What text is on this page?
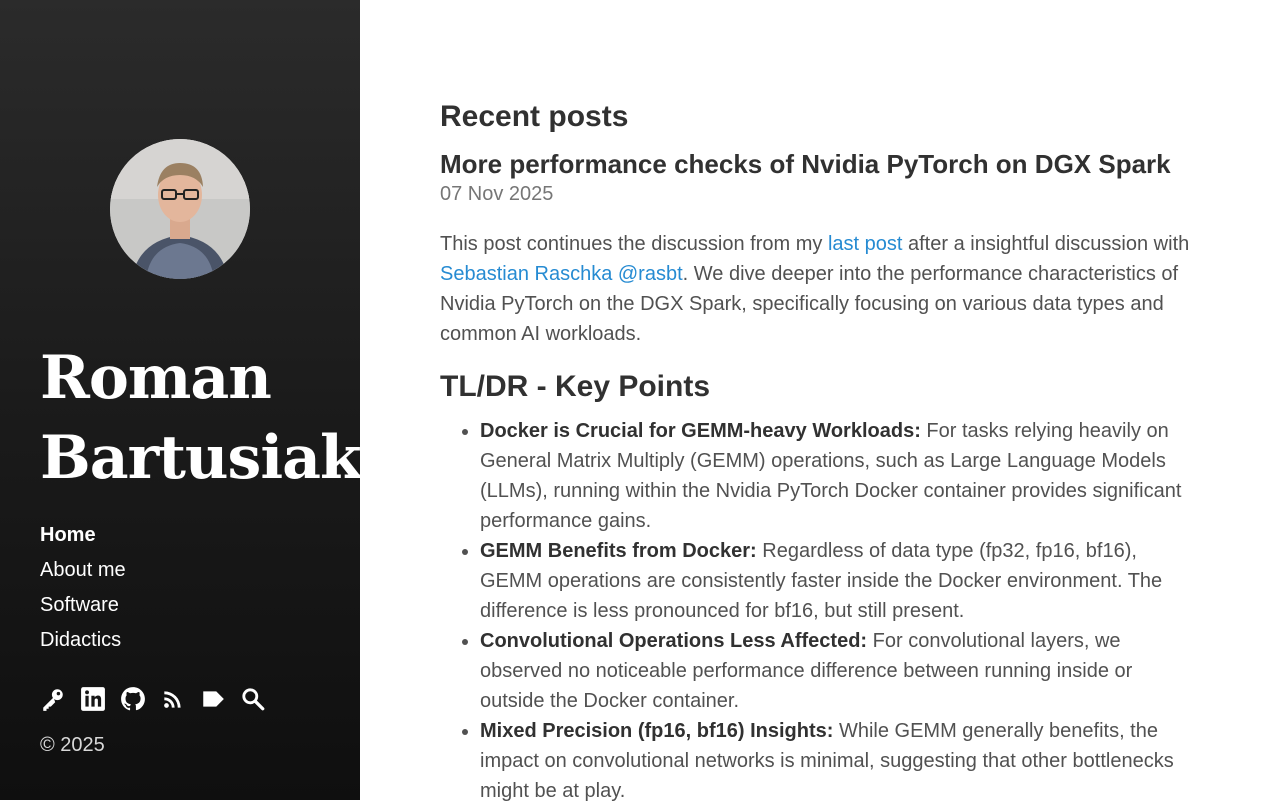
Roman
Bartusiak
Home
About me
Software
Didactics
© 2025
Recent posts
More performance checks of Nvidia PyTorch on DGX Spark
07 Nov 2025

This post continues the discussion from my last post after a insightful discussion with Sebastian Raschka @rasbt. We dive deeper into the performance characteristics of Nvidia PyTorch on the DGX Spark, specifically focusing on various data types and common AI workloads.

TL/DR - Key Points
• Docker is Crucial for GEMM-heavy Workloads: For tasks relying heavily on General Matrix Multiply (GEMM) operations, such as Large Language Models (LLMs), running within the Nvidia PyTorch Docker container provides significant performance gains.
• GEMM Benefits from Docker: Regardless of data type (fp32, fp16, bf16), GEMM operations are consistently faster inside the Docker environment. The difference is less pronounced for bf16, but still present.
• Convolutional Operations Less Affected: For convolutional layers, we observed no noticeable performance difference between running inside or outside the Docker container.
• Mixed Precision (fp16, bf16) Insights: While GEMM generally benefits, the impact on convolutional networks is minimal, suggesting that other bottlenecks might be at play.
